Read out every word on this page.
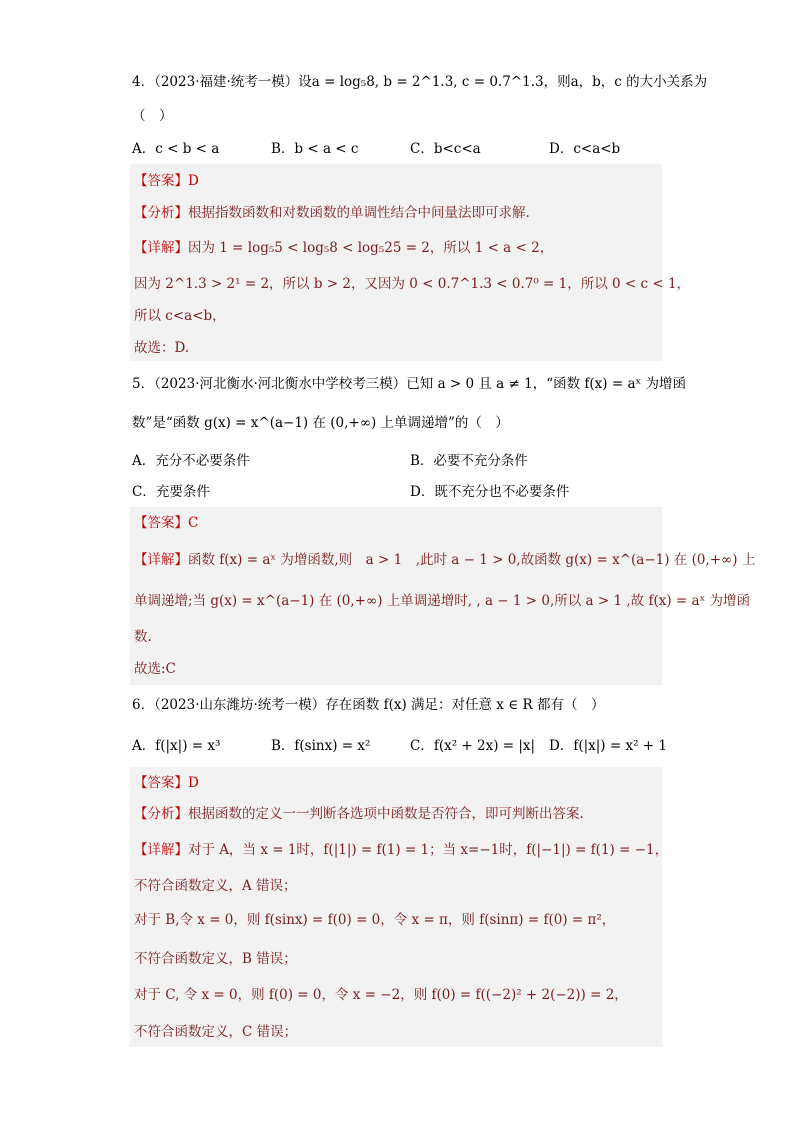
4．（2023·福建·统考一模）设a = log₅8, b = 2^1.3, c = 0.7^1.3，则a，b，c 的大小关系为
（　）
A．c < b < a	B．b < a < c	C．b<c<a	D．c<a<b
【答案】D
【分析】根据指数函数和对数函数的单调性结合中间量法即可求解.
【详解】因为 1 = log₅5 < log₅8 < log₅25 = 2，所以 1 < a < 2，
因为 2^1.3 > 2¹ = 2，所以 b > 2，又因为 0 < 0.7^1.3 < 0.7⁰ = 1，所以 0 < c < 1，
所以 c<a<b，
故选：D.
5．（2023·河北衡水·河北衡水中学校考三模）已知 a > 0 且 a ≠ 1，“函数 f(x) = aˣ 为增函
数”是“函数 g(x) = x^(a−1) 在 (0,+∞) 上单调递增”的（　）
A．充分不必要条件	B．必要不充分条件
C．充要条件	D．既不充分也不必要条件
【答案】C
【详解】函数 f(x) = aˣ 为增函数,则　a > 1　,此时 a − 1 > 0,故函数 g(x) = x^(a−1) 在 (0,+∞) 上
单调递增;当 g(x) = x^(a−1) 在 (0,+∞) 上单调递增时, , a − 1 > 0,所以 a > 1 ,故 f(x) = aˣ 为增函
数.
故选:C
6．（2023·山东潍坊·统考一模）存在函数 f(x) 满足：对任意 x ∈ R 都有（　）
A．f(|x|) = x³	B．f(sinx) = x²	C．f(x² + 2x) = |x| D．f(|x|) = x² + 1
【答案】D
【分析】根据函数的定义一一判断各选项中函数是否符合，即可判断出答案.
【详解】对于 A，当 x = 1时，f(|1|) = f(1) = 1；当 x=−1时，f(|−1|) = f(1) = −1，
不符合函数定义，A 错误；
对于 B,令 x = 0，则 f(sinx) = f(0) = 0，令 x = π，则 f(sinπ) = f(0) = π²，
不符合函数定义，B 错误；
对于 C, 令 x = 0，则 f(0) = 0，令 x = −2，则 f(0) = f((−2)² + 2(−2)) = 2，
不符合函数定义，C 错误；
